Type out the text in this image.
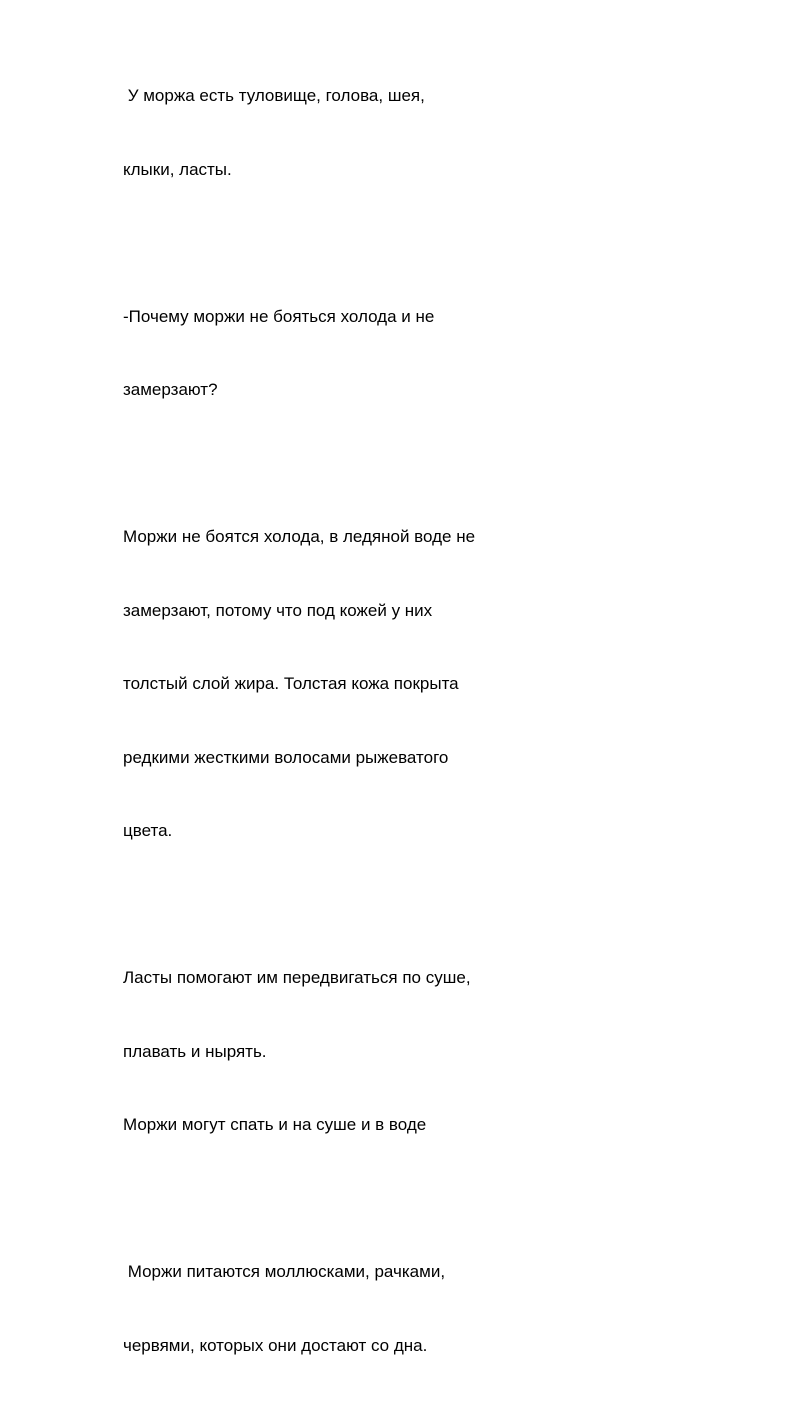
У моржа есть туловище, голова, шея,

клыки, ласты.

-Почему моржи не бояться холода и не

замерзают?

Моржи не боятся холода, в ледяной воде не

замерзают, потому что под кожей у них

толстый слой жира. Толстая кожа покрыта

редкими жесткими волосами рыжеватого

цвета.

Ласты помогают им передвигаться по суше,

плавать и нырять.

Моржи могут спать и на суше и в воде

Моржи питаются моллюсками, рачками,

червями, которых они достают со дна.
